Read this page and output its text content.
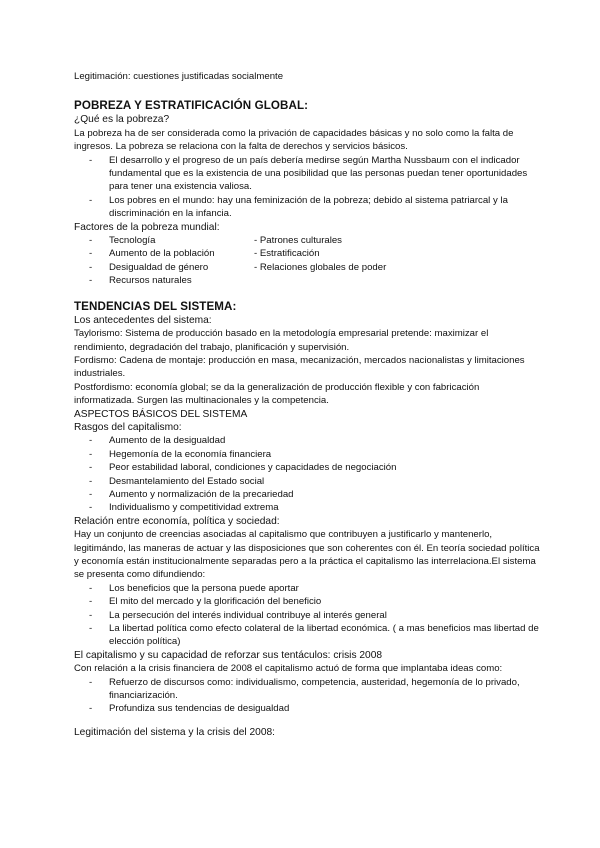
Legitimación: cuestiones justificadas socialmente

POBREZA Y ESTRATIFICACIÓN GLOBAL:

¿Qué es la pobreza?

La pobreza ha de ser considerada como la privación de capacidades básicas y no solo como la falta de ingresos. La pobreza se relaciona con la falta de derechos y servicios básicos.

- El desarrollo y el progreso de un país debería medirse según Martha Nussbaum con el indicador fundamental que es la existencia de una posibilidad que las personas puedan tener oportunidades para tener una existencia valiosa.
- Los pobres en el mundo: hay una feminización de la pobreza; debido al sistema patriarcal y la discriminación en la infancia.

Factores de la pobreza mundial:

- Tecnología
- Aumento de la población
- Desigualdad de género
- Recursos naturales
- Patrones culturales
- Estratificación
- Relaciones globales de poder
TENDENCIAS DEL SISTEMA:

Los antecedentes del sistema:

Taylorismo: Sistema de producción basado en la metodología empresarial pretende: maximizar el rendimiento, degradación del trabajo, planificación y supervisión.

Fordismo: Cadena de montaje: producción en masa, mecanización, mercados nacionalistas y limitaciones industriales.

Postfordismo: economía global; se da la generalización de producción flexible y con fabricación informatizada. Surgen las multinacionales y la competencia.

ASPECTOS BÁSICOS DEL SISTEMA

Rasgos del capitalismo:

- Aumento de la desigualdad
- Hegemonía de la economía financiera
- Peor estabilidad laboral, condiciones y capacidades de negociación
- Desmantelamiento del Estado social
- Aumento y normalización de la precariedad
- Individualismo y competitividad extrema

Relación entre economía, política y sociedad:

Hay un conjunto de creencias asociadas al capitalismo que contribuyen a justificarlo y mantenerlo, legitimándo, las maneras de actuar y las disposiciones que son coherentes con él. En teoría sociedad política y economía están institucionalmente separadas pero a la práctica el capitalismo las interrelaciona.El sistema se presenta como difundiendo:

- Los beneficios que la persona puede aportar
- El mito del mercado y la glorificación del beneficio
- La persecución del interés individual contribuye al interés general
- La libertad política como efecto colateral de la libertad económica. ( a mas beneficios mas libertad de elección política)

El capitalismo y su capacidad de reforzar sus tentáculos: crisis 2008

Con relación a la crisis financiera de 2008 el capitalismo actuó de forma que implantaba ideas como:

- Refuerzo de discursos como: individualismo, competencia, austeridad, hegemonía de lo privado, financiarización.
- Profundiza sus tendencias de desigualdad

Legitimación del sistema y la crisis del 2008:
